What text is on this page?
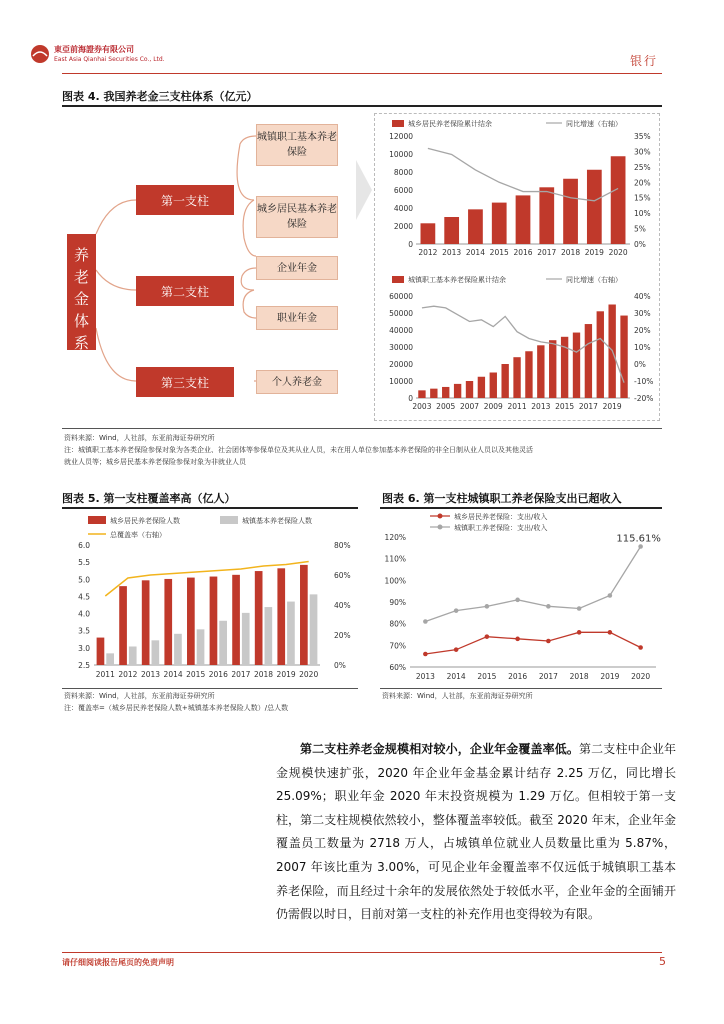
東亞前海證券有限公司
East Asia Qianhai Securities Co., Ltd.	银行
图表 4. 我国养老金三支柱体系（亿元）
养
老
金
体
系
第一支柱
第二支柱
第三支柱
城镇职工基本养老保险
城乡居民基本养老保险
企业年金
职业年金
个人养老金
城乡居民养老保险累计结余	同比增速（右轴）
0
2000
4000
6000
8000
10000
12000
0%
5%
10%
15%
20%
25%
30%
35%
2012 2013 2014 2015 2016 2017 2018 2019 2020
城镇职工基本养老保险累计结余	同比增速（右轴）
0
10000
20000
30000
40000
50000
60000
-20%
-10%
0%
10%
20%
30%
40%
2003 2005 2007 2009 2011 2013 2015 2017 2019
资料来源：Wind，人社部，东亚前海证券研究所
注：城镇职工基本养老保险参保对象为各类企业、社会团体等参保单位及其从业人员，未在用人单位参加基本养老保险的非全日制从业人员以及其他灵活
就业人员等；城乡居民基本养老保险参保对象为非就业人员
图表 5. 第一支柱覆盖率高（亿人）
城乡居民养老保险人数	城镇基本养老保险人数
总覆盖率（右轴）
2.5
3.0
3.5
4.0
4.5
5.0
5.5
6.0
0%
20%
40%
60%
80%
2011 2012 2013 2014 2015 2016 2017 2018 2019 2020
资料来源：Wind，人社部，东亚前海证券研究所
注：覆盖率=（城乡居民养老保险人数+城镇基本养老保险人数）/总人数
图表 6. 第一支柱城镇职工养老保险支出已超收入
城乡居民养老保险：支出/收入
城镇职工养老保险：支出/收入
60%
70%
80%
90%
100%
110%
120%
2013 2014 2015 2016 2017 2018 2019 2020
115.61%
资料来源：Wind，人社部，东亚前海证券研究所

第二支柱养老金规模相对较小，企业年金覆盖率低。第二支柱中企业年金规模快速扩张，2020 年企业年金基金累计结存 2.25 万亿，同比增长 25.09%；职业年金 2020 年末投资规模为 1.29 万亿。但相较于第一支柱，第二支柱规模依然较小，整体覆盖率较低。截至 2020 年末，企业年金覆盖员工数量为 2718 万人，占城镇单位就业人员数量比重为 5.87%，2007 年该比重为 3.00%，可见企业年金覆盖率不仅远低于城镇职工基本养老保险，而且经过十余年的发展依然处于较低水平，企业年金的全面铺开仍需假以时日，目前对第一支柱的补充作用也变得较为有限。

请仔细阅读报告尾页的免责声明	5
